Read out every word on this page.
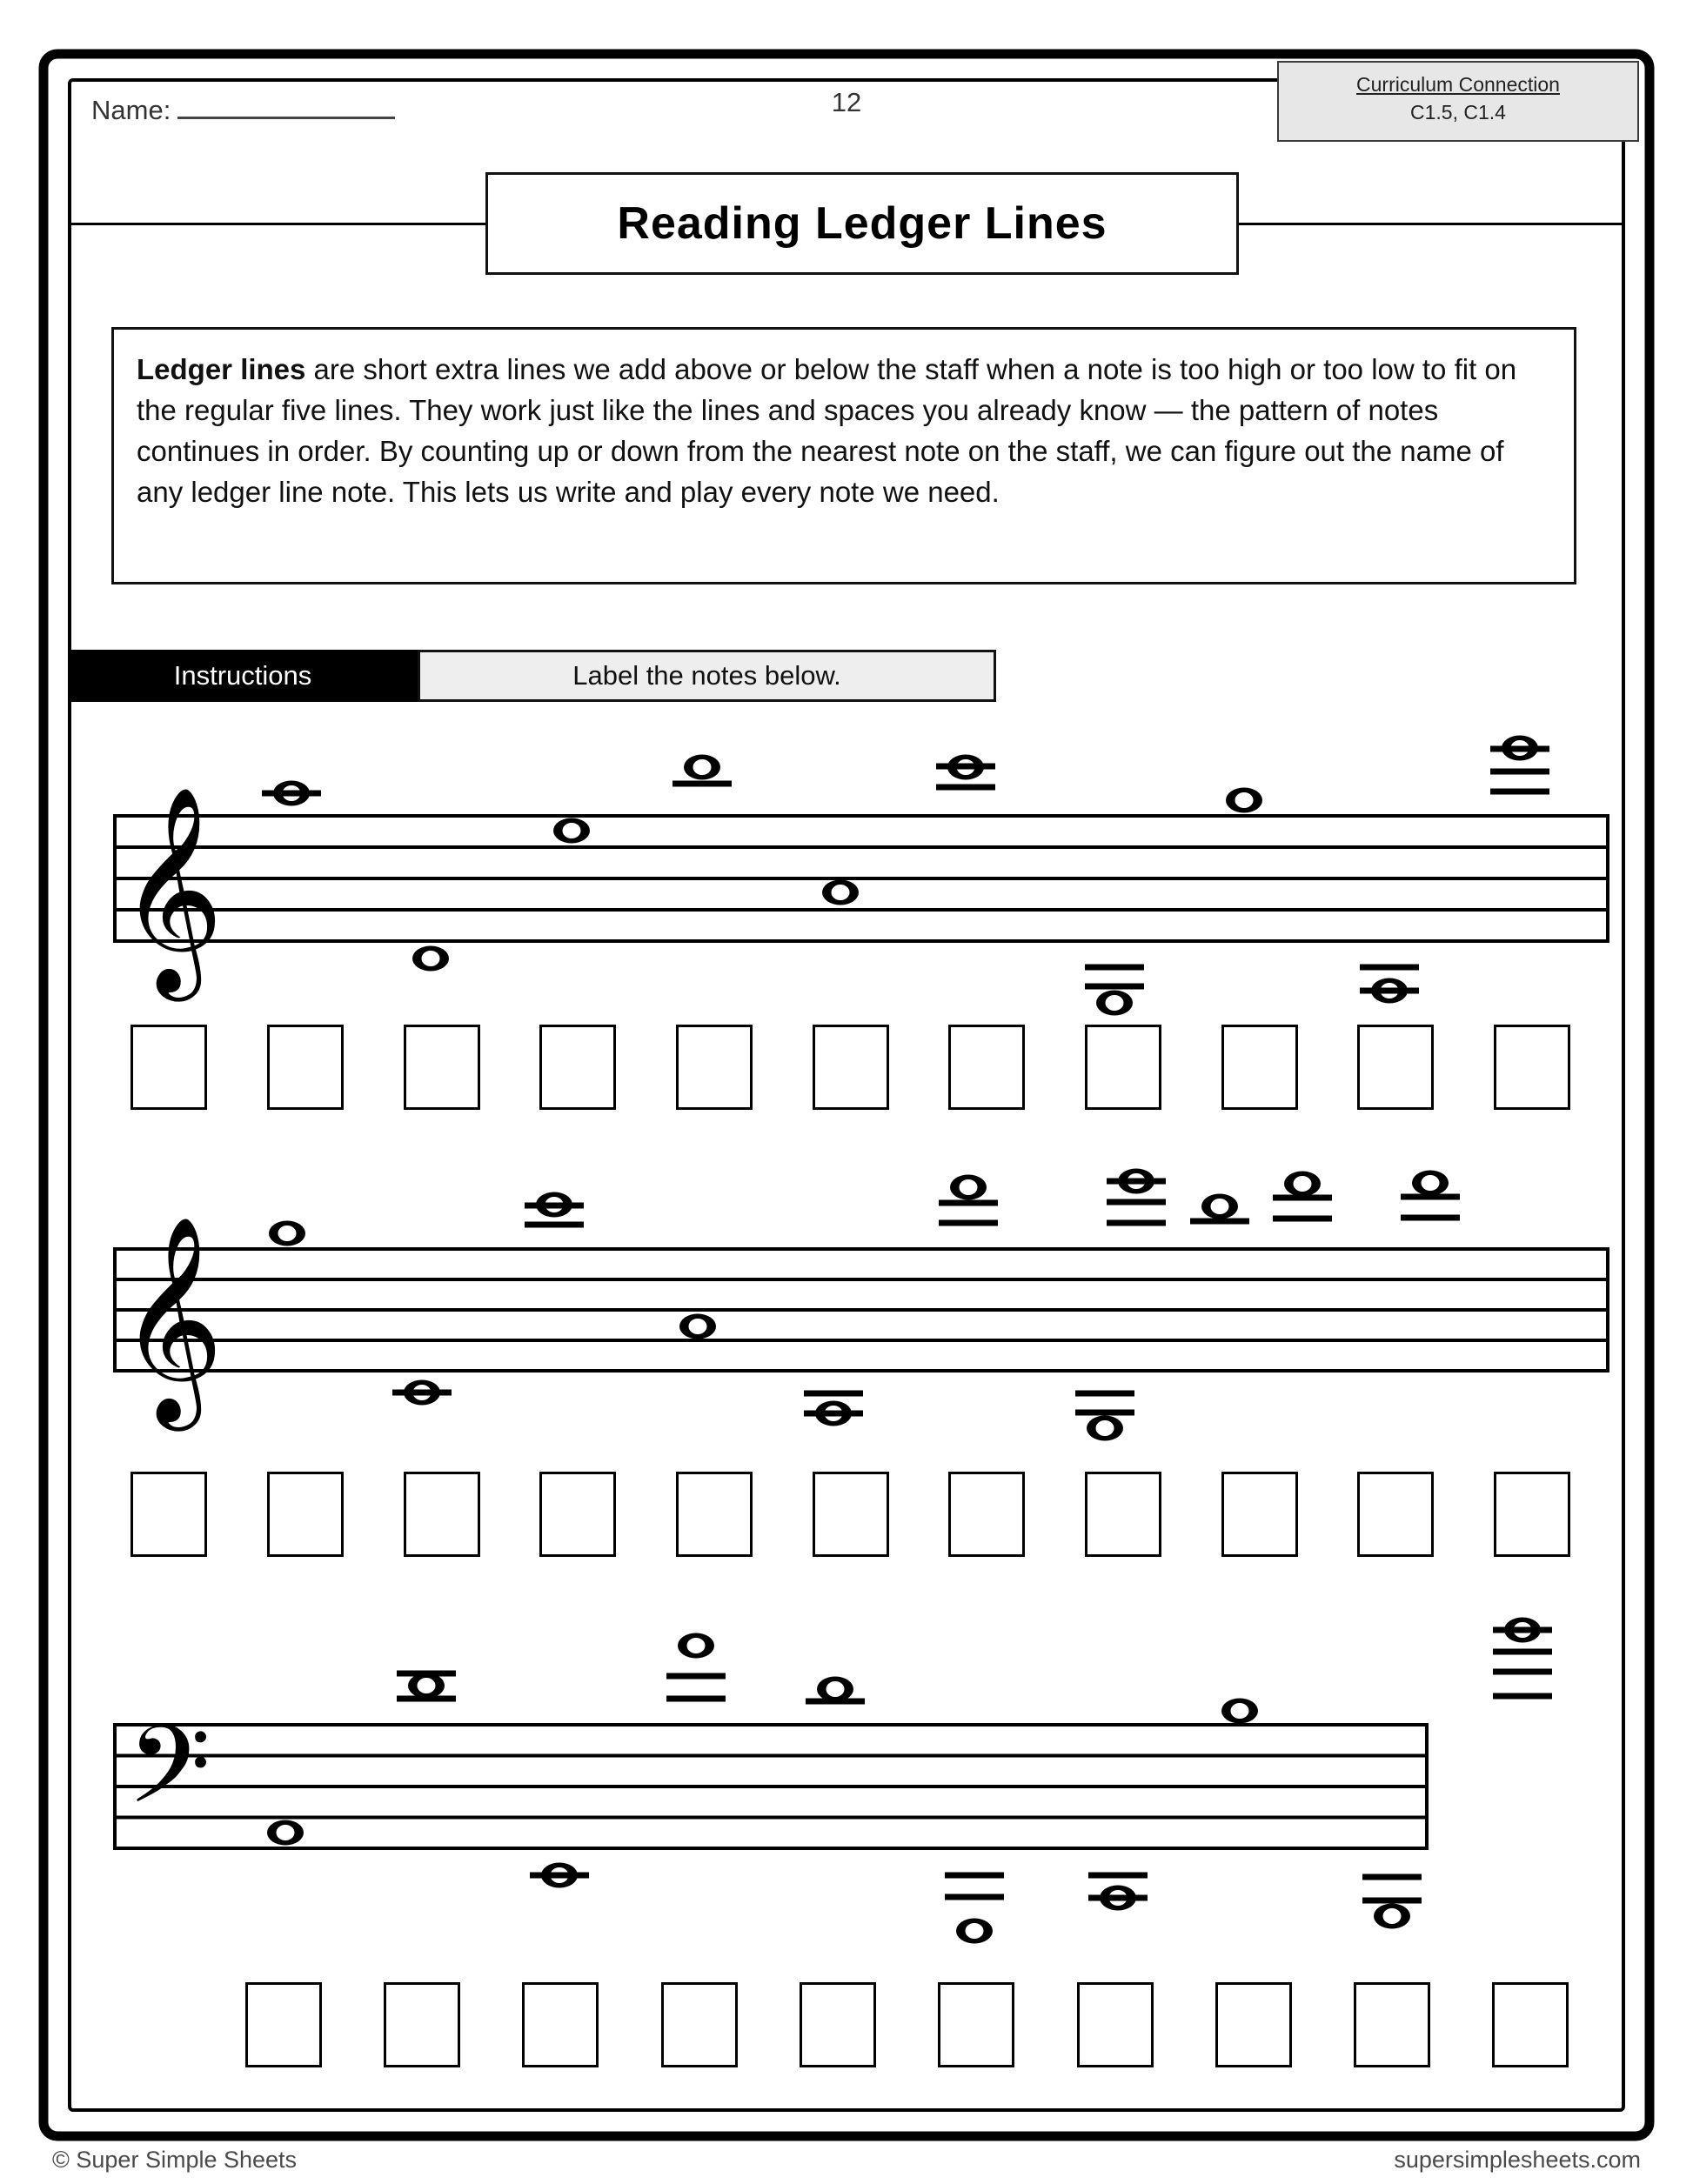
𝄞
𝄞
𝄢
Name:	12
Curriculum Connection
C1.5, C1.4
Reading Ledger Lines
Ledger lines are short extra lines we add above or below the staff when a note is too high or too low to fit on the regular five lines. They work just like the lines and spaces you already know — the pattern of notes continues in order. By counting up or down from the nearest note on the staff, we can figure out the name of any ledger line note. This lets us write and play every note we need.
Instructions	Label the notes below.
© Super Simple Sheets	supersimplesheets.com
